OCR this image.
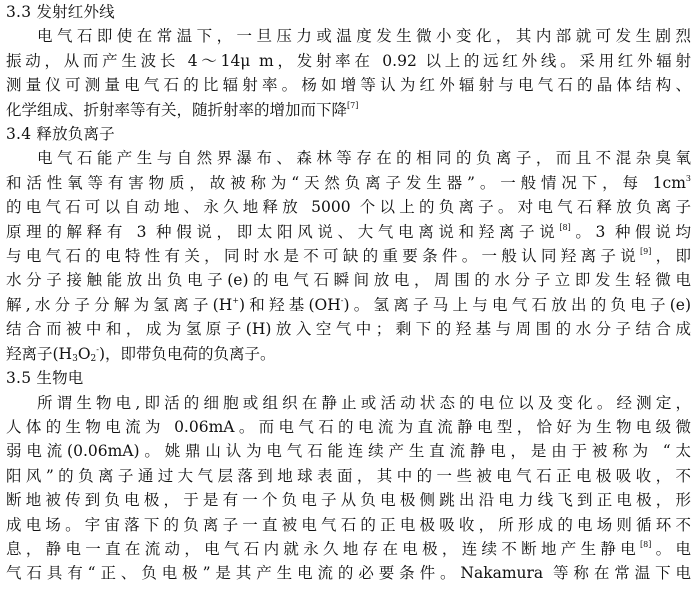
3.3 发射红外线

电气石即使在常温下，一旦压力或温度发生微小变化，其内部就可发生剧烈
振动，从而产生波长 4～14μ m，发射率在 0.92 以上的远红外线。采用红外辐射
测量仪可测量电气石的比辐射率。杨如增等认为红外辐射与电气石的晶体结构、
化学组成、折射率等有关，随折射率的增加而下降[7]

3.4 释放负离子

电气石能产生与自然界瀑布、森林等存在的相同的负离子，而且不混杂臭氧
和活性氧等有害物质，故被称为“天然负离子发生器”。一般情况下，每 $1cm^3$
的电气石可以自动地、永久地释放 5000 个以上的负离子。对电气石释放负离子
原理的解释有 3 种假说，即太阳风说、大气电离说和羟离子说[8]。3 种假说均
与电气石的电特性有关，同时水是不可缺的重要条件。一般认同羟离子说[9]，即
水分子接触能放出负电子(e)的电气石瞬间放电，周围的水分子立即发生轻微电
解,水分子分解为氢离子(H+)和羟基(OH-)。氢离子马上与电气石放出的负电子(e)
结合而被中和，成为氢原子(H)放入空气中；剩下的羟基与周围的水分子结合成
羟离子$(H_3O_2^-)$，即带负电荷的负离子。

3.5 生物电

所谓生物电,即活的细胞或组织在静止或活动状态的电位以及变化。经测定，
人体的生物电流为 0.06mA。而电气石的电流为直流静电型，恰好为生物电级微
弱电流(0.06mA)。姚鼎山认为电气石能连续产生直流静电，是由于被称为 “太
阳风”的负离子通过大气层落到地球表面，其中的一些被电气石正电极吸收，不
断地被传到负电极，于是有一个负电子从负电极侧跳出沿电力线飞到正电极，形
成电场。宇宙落下的负离子一直被电气石的正电极吸收，所形成的电场则循环不
息，静电一直在流动，电气石内就永久地存在电极，连续不断地产生静电[8]。电
气石具有“正、负电极”是其产生电流的必要条件。Nakamura 等称在常温下电
